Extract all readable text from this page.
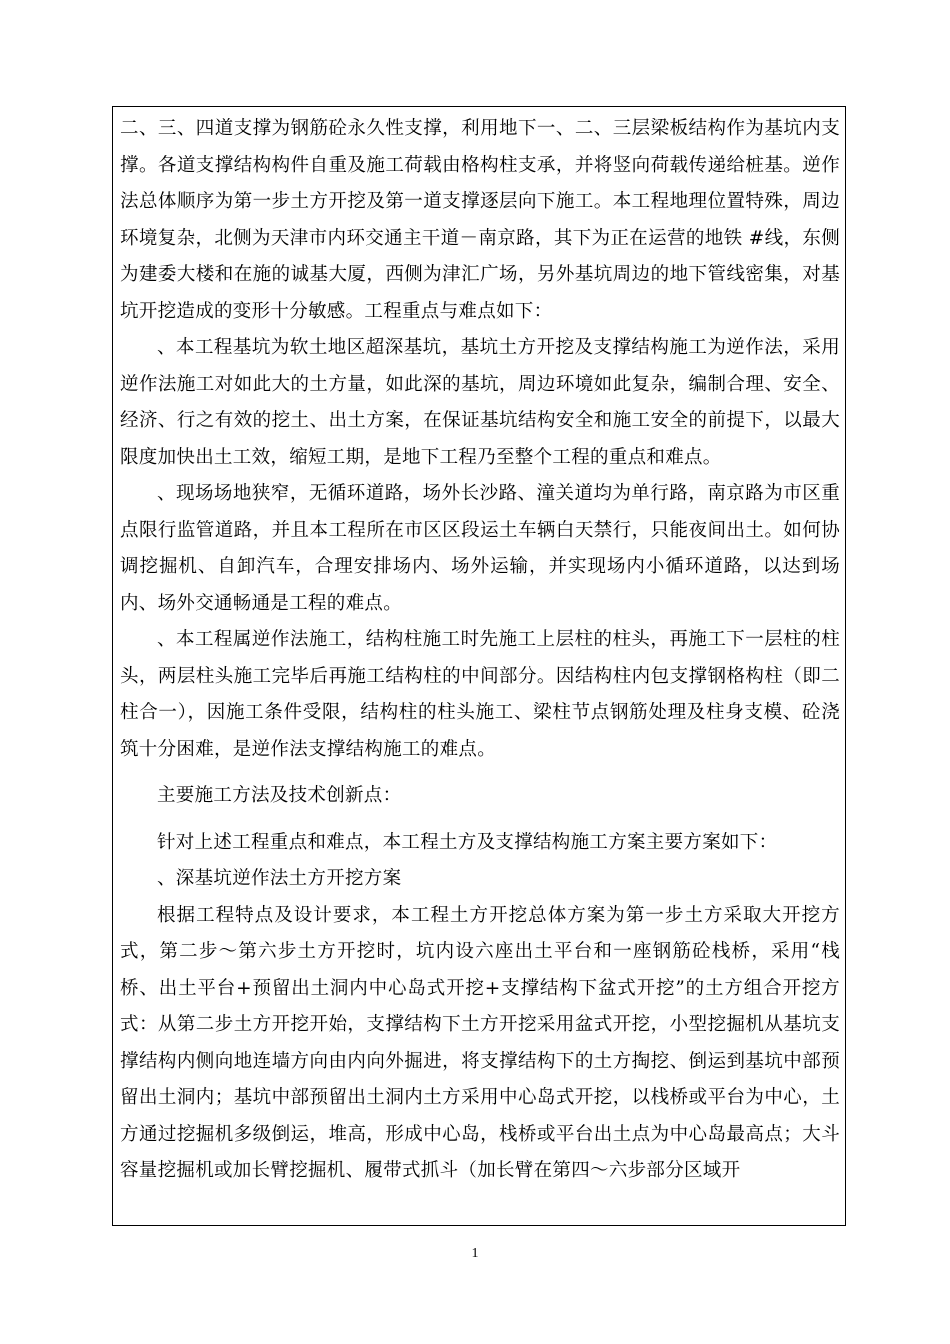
二、三、四道支撑为钢筋砼永久性支撑，利用地下一、二、三层梁板结构作为基坑内支撑。各道支撑结构构件自重及施工荷载由格构柱支承，并将竖向荷载传递给桩基。逆作法总体顺序为第一步土方开挖及第一道支撑逐层向下施工。本工程地理位置特殊，周边环境复杂，北侧为天津市内环交通主干道－南京路，其下为正在运营的地铁 #线，东侧为建委大楼和在施的诚基大厦，西侧为津汇广场，另外基坑周边的地下管线密集，对基坑开挖造成的变形十分敏感。工程重点与难点如下：

、本工程基坑为软土地区超深基坑，基坑土方开挖及支撑结构施工为逆作法，采用逆作法施工对如此大的土方量，如此深的基坑，周边环境如此复杂，编制合理、安全、经济、行之有效的挖土、出土方案，在保证基坑结构安全和施工安全的前提下，以最大限度加快出土工效，缩短工期，是地下工程乃至整个工程的重点和难点。

、现场场地狭窄，无循环道路，场外长沙路、潼关道均为单行路，南京路为市区重点限行监管道路，并且本工程所在市区区段运土车辆白天禁行，只能夜间出土。如何协调挖掘机、自卸汽车，合理安排场内、场外运输，并实现场内小循环道路，以达到场内、场外交通畅通是工程的难点。

、本工程属逆作法施工，结构柱施工时先施工上层柱的柱头，再施工下一层柱的柱头，两层柱头施工完毕后再施工结构柱的中间部分。因结构柱内包支撑钢格构柱（即二柱合一），因施工条件受限，结构柱的柱头施工、梁柱节点钢筋处理及柱身支模、砼浇筑十分困难，是逆作法支撑结构施工的难点。

主要施工方法及技术创新点：

针对上述工程重点和难点，本工程土方及支撑结构施工方案主要方案如下：

、深基坑逆作法土方开挖方案

根据工程特点及设计要求，本工程土方开挖总体方案为第一步土方采取大开挖方式，第二步～第六步土方开挖时，坑内设六座出土平台和一座钢筋砼栈桥，采用“栈桥、出土平台+预留出土洞内中心岛式开挖+支撑结构下盆式开挖”的土方组合开挖方式：从第二步土方开挖开始，支撑结构下土方开挖采用盆式开挖，小型挖掘机从基坑支撑结构内侧向地连墙方向由内向外掘进，将支撑结构下的土方掏挖、倒运到基坑中部预留出土洞内；基坑中部预留出土洞内土方采用中心岛式开挖，以栈桥或平台为中心，土方通过挖掘机多级倒运，堆高，形成中心岛，栈桥或平台出土点为中心岛最高点；大斗容量挖掘机或加长臂挖掘机、履带式抓斗（加长臂在第四～六步部分区域开

1
